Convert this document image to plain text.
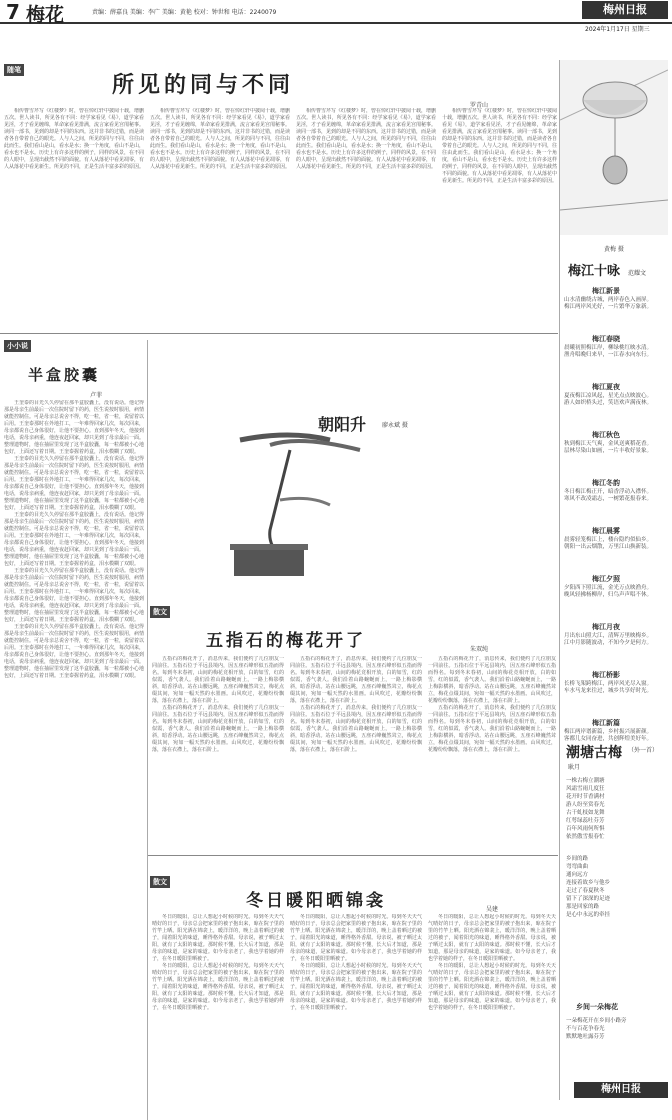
7 梅花	责编：薛嘉良 美编：李广 美编：黄艳 校对：钟世和 电话：2240079	梅州日报
2024年1月17日 星期三
随笔
所见的同与不同
罗青山

相传曹雪芹写《红楼梦》时，曾在悼红轩中披阅十载，增删五次。世人读书，所见各有不同：经学家看见《易》，道学家看见淫，才子看见缠绵，革命家看见排满，流言家看见宫闱秘事。读同一部书，见到的却是不同的东西。这并非书的过错，而是读者各自带着自己的眼光。人与人之间，所见的同与不同，往往由此而生。我们看山是山，看水是水；换一个角度，看山不是山，看水也不是水。历史上有许多这样的例子，同样的风景，在不同的人眼中，呈现出截然不同的面貌。有人从落花中看见凋零，有人从落花中看见新生。所见的不同，正是生活丰富多彩的原因。

相传曹雪芹写《红楼梦》时，曾在悼红轩中披阅十载，增删五次。世人读书，所见各有不同：经学家看见《易》，道学家看见淫，才子看见缠绵，革命家看见排满，流言家看见宫闱秘事。读同一部书，见到的却是不同的东西。这并非书的过错，而是读者各自带着自己的眼光。人与人之间，所见的同与不同，往往由此而生。我们看山是山，看水是水；换一个角度，看山不是山，看水也不是水。历史上有许多这样的例子，同样的风景，在不同的人眼中，呈现出截然不同的面貌。有人从落花中看见凋零，有人从落花中看见新生。所见的不同，正是生活丰富多彩的原因。

相传曹雪芹写《红楼梦》时，曾在悼红轩中披阅十载，增删五次。世人读书，所见各有不同：经学家看见《易》，道学家看见淫，才子看见缠绵，革命家看见排满，流言家看见宫闱秘事。读同一部书，见到的却是不同的东西。这并非书的过错，而是读者各自带着自己的眼光。人与人之间，所见的同与不同，往往由此而生。我们看山是山，看水是水；换一个角度，看山不是山，看水也不是水。历史上有许多这样的例子，同样的风景，在不同的人眼中，呈现出截然不同的面貌。有人从落花中看见凋零，有人从落花中看见新生。所见的不同，正是生活丰富多彩的原因。

相传曹雪芹写《红楼梦》时，曾在悼红轩中披阅十载，增删五次。世人读书，所见各有不同：经学家看见《易》，道学家看见淫，才子看见缠绵，革命家看见排满，流言家看见宫闱秘事。读同一部书，见到的却是不同的东西。这并非书的过错，而是读者各自带着自己的眼光。人与人之间，所见的同与不同，往往由此而生。我们看山是山，看水是水；换一个角度，看山不是山，看水也不是水。历史上有许多这样的例子，同样的风景，在不同的人眼中，呈现出截然不同的面貌。有人从落花中看见凋零，有人从落花中看见新生。所见的不同，正是生活丰富多彩的原因。

黄梅 摄
小小说
半盒胶囊
卢菲

王奎泰的目光久久停留在那半盒胶囊上，没有说话。他记得那是母亲生前最后一次住院时留下的药，医生说按时服用，病情就能控制住。可是母亲总说舍不得，吃一粒，省一粒，说留着以后用。王奎泰那时在外地打工，一年难得回家几次，每次回来，母亲都说自己身体很好，让他不要担心。直到那年冬天，他接到电话，说母亲病重，他连夜赶回家，却只见到了母亲最后一面。整理遗物时，他在抽屉里发现了这半盒胶囊，每一粒都被小心地包好，上面还写着日期。王奎泰握着药盒，泪水模糊了双眼。

王奎泰的目光久久停留在那半盒胶囊上，没有说话。他记得那是母亲生前最后一次住院时留下的药，医生说按时服用，病情就能控制住。可是母亲总说舍不得，吃一粒，省一粒，说留着以后用。王奎泰那时在外地打工，一年难得回家几次，每次回来，母亲都说自己身体很好，让他不要担心。直到那年冬天，他接到电话，说母亲病重，他连夜赶回家，却只见到了母亲最后一面。整理遗物时，他在抽屉里发现了这半盒胶囊，每一粒都被小心地包好，上面还写着日期。王奎泰握着药盒，泪水模糊了双眼。

王奎泰的目光久久停留在那半盒胶囊上，没有说话。他记得那是母亲生前最后一次住院时留下的药，医生说按时服用，病情就能控制住。可是母亲总说舍不得，吃一粒，省一粒，说留着以后用。王奎泰那时在外地打工，一年难得回家几次，每次回来，母亲都说自己身体很好，让他不要担心。直到那年冬天，他接到电话，说母亲病重，他连夜赶回家，却只见到了母亲最后一面。整理遗物时，他在抽屉里发现了这半盒胶囊，每一粒都被小心地包好，上面还写着日期。王奎泰握着药盒，泪水模糊了双眼。

王奎泰的目光久久停留在那半盒胶囊上，没有说话。他记得那是母亲生前最后一次住院时留下的药，医生说按时服用，病情就能控制住。可是母亲总说舍不得，吃一粒，省一粒，说留着以后用。王奎泰那时在外地打工，一年难得回家几次，每次回来，母亲都说自己身体很好，让他不要担心。直到那年冬天，他接到电话，说母亲病重，他连夜赶回家，却只见到了母亲最后一面。整理遗物时，他在抽屉里发现了这半盒胶囊，每一粒都被小心地包好，上面还写着日期。王奎泰握着药盒，泪水模糊了双眼。

王奎泰的目光久久停留在那半盒胶囊上，没有说话。他记得那是母亲生前最后一次住院时留下的药，医生说按时服用，病情就能控制住。可是母亲总说舍不得，吃一粒，省一粒，说留着以后用。王奎泰那时在外地打工，一年难得回家几次，每次回来，母亲都说自己身体很好，让他不要担心。直到那年冬天，他接到电话，说母亲病重，他连夜赶回家，却只见到了母亲最后一面。整理遗物时，他在抽屉里发现了这半盒胶囊，每一粒都被小心地包好，上面还写着日期。王奎泰握着药盒，泪水模糊了双眼。

朝阳升	廖永斌 摄
散文
五指石的梅花开了	朱双纯

五指石的梅花开了，消息传来，我们便约了几位朋友一同前往。五指石位于平远县境内，因五座石峰形似五指而得名。每到冬末春初，山间的梅花竞相开放，白的如雪，红的似霞，香气袭人。我们沿着山路蜿蜒而上，一路上梅影横斜，暗香浮动。站在山腰远眺，五座石峰巍然耸立，梅花点缀其间，宛如一幅天然的水墨画。山风吹过，花瓣纷纷飘落，落在衣襟上，落在石阶上。

五指石的梅花开了，消息传来，我们便约了几位朋友一同前往。五指石位于平远县境内，因五座石峰形似五指而得名。每到冬末春初，山间的梅花竞相开放，白的如雪，红的似霞，香气袭人。我们沿着山路蜿蜒而上，一路上梅影横斜，暗香浮动。站在山腰远眺，五座石峰巍然耸立，梅花点缀其间，宛如一幅天然的水墨画。山风吹过，花瓣纷纷飘落，落在衣襟上，落在石阶上。

五指石的梅花开了，消息传来，我们便约了几位朋友一同前往。五指石位于平远县境内，因五座石峰形似五指而得名。每到冬末春初，山间的梅花竞相开放，白的如雪，红的似霞，香气袭人。我们沿着山路蜿蜒而上，一路上梅影横斜，暗香浮动。站在山腰远眺，五座石峰巍然耸立，梅花点缀其间，宛如一幅天然的水墨画。山风吹过，花瓣纷纷飘落，落在衣襟上，落在石阶上。

五指石的梅花开了，消息传来，我们便约了几位朋友一同前往。五指石位于平远县境内，因五座石峰形似五指而得名。每到冬末春初，山间的梅花竞相开放，白的如雪，红的似霞，香气袭人。我们沿着山路蜿蜒而上，一路上梅影横斜，暗香浮动。站在山腰远眺，五座石峰巍然耸立，梅花点缀其间，宛如一幅天然的水墨画。山风吹过，花瓣纷纷飘落，落在衣襟上，落在石阶上。

五指石的梅花开了，消息传来，我们便约了几位朋友一同前往。五指石位于平远县境内，因五座石峰形似五指而得名。每到冬末春初，山间的梅花竞相开放，白的如雪，红的似霞，香气袭人。我们沿着山路蜿蜒而上，一路上梅影横斜，暗香浮动。站在山腰远眺，五座石峰巍然耸立，梅花点缀其间，宛如一幅天然的水墨画。山风吹过，花瓣纷纷飘落，落在衣襟上，落在石阶上。

五指石的梅花开了，消息传来，我们便约了几位朋友一同前往。五指石位于平远县境内，因五座石峰形似五指而得名。每到冬末春初，山间的梅花竞相开放，白的如雪，红的似霞，香气袭人。我们沿着山路蜿蜒而上，一路上梅影横斜，暗香浮动。站在山腰远眺，五座石峰巍然耸立，梅花点缀其间，宛如一幅天然的水墨画。山风吹过，花瓣纷纷飘落，落在衣襟上，落在石阶上。

散文
冬日暖阳晒锦衾	吴建

冬日的暖阳，总让人想起小时候的时光。每到冬天天气晴好的日子，母亲总会把家里的被子抱出来，晾在院子里的竹竿上晒。阳光洒在锦衾上，暖洋洋的，晚上盖着晒过的被子，闻着阳光的味道，睡得格外香甜。母亲说，被子晒过太阳，就有了太阳的味道。那时候不懂，长大后才知道，那是母亲的味道，是家的味道。如今母亲老了，我也学着她的样子，在冬日暖阳里晒被子。

冬日的暖阳，总让人想起小时候的时光。每到冬天天气晴好的日子，母亲总会把家里的被子抱出来，晾在院子里的竹竿上晒。阳光洒在锦衾上，暖洋洋的，晚上盖着晒过的被子，闻着阳光的味道，睡得格外香甜。母亲说，被子晒过太阳，就有了太阳的味道。那时候不懂，长大后才知道，那是母亲的味道，是家的味道。如今母亲老了，我也学着她的样子，在冬日暖阳里晒被子。

冬日的暖阳，总让人想起小时候的时光。每到冬天天气晴好的日子，母亲总会把家里的被子抱出来，晾在院子里的竹竿上晒。阳光洒在锦衾上，暖洋洋的，晚上盖着晒过的被子，闻着阳光的味道，睡得格外香甜。母亲说，被子晒过太阳，就有了太阳的味道。那时候不懂，长大后才知道，那是母亲的味道，是家的味道。如今母亲老了，我也学着她的样子，在冬日暖阳里晒被子。

冬日的暖阳，总让人想起小时候的时光。每到冬天天气晴好的日子，母亲总会把家里的被子抱出来，晾在院子里的竹竿上晒。阳光洒在锦衾上，暖洋洋的，晚上盖着晒过的被子，闻着阳光的味道，睡得格外香甜。母亲说，被子晒过太阳，就有了太阳的味道。那时候不懂，长大后才知道，那是母亲的味道，是家的味道。如今母亲老了，我也学着她的样子，在冬日暖阳里晒被子。

冬日的暖阳，总让人想起小时候的时光。每到冬天天气晴好的日子，母亲总会把家里的被子抱出来，晾在院子里的竹竿上晒。阳光洒在锦衾上，暖洋洋的，晚上盖着晒过的被子，闻着阳光的味道，睡得格外香甜。母亲说，被子晒过太阳，就有了太阳的味道。那时候不懂，长大后才知道，那是母亲的味道，是家的味道。如今母亲老了，我也学着她的样子，在冬日暖阳里晒被子。

冬日的暖阳，总让人想起小时候的时光。每到冬天天气晴好的日子，母亲总会把家里的被子抱出来，晾在院子里的竹竿上晒。阳光洒在锦衾上，暖洋洋的，晚上盖着晒过的被子，闻着阳光的味道，睡得格外香甜。母亲说，被子晒过太阳，就有了太阳的味道。那时候不懂，长大后才知道，那是母亲的味道，是家的味道。如今母亲老了，我也学着她的样子，在冬日暖阳里晒被子。

梅江十咏 范耀文
梅江新景
山水清幽绕古城，两岸春色入画屏。
梅江两岸风光好，一片繁华万象新。
梅江春晓
晨曦初照梅江岸，柳绿桃红映水清。
渔舟唱晚归来早，一江春水向东行。
梅江夏夜
夏夜梅江凉风起，星光点点映波心。
游人如织桥头过，笑语欢声满夜林。
梅江秋色
秋到梅江天气爽，金风送爽稻花香。
层林尽染山如画，一片丰收好景象。
梅江冬韵
冬日梅江梅正开，暗香浮动入襟怀。
寒风不改凌霜志，一树繁花报春来。
梅江晨雾
晨雾轻笼梅江上，楼台隐约似仙乡。
朝阳一出云烟散，万里江山换新装。
梅江夕照
夕阳西下照江流，金光万点映渔舟。
晚风轻拂杨柳岸，归鸟声声唱不休。
梅江月夜
月出东山照大江，清辉万里映梅乡。
江中月影随波动，不知今夕是何方。
梅江桥影
长桥飞架跨梅江，两岸风光尽入窗。
车水马龙来往过，城乡共享好时光。
梅江新篇
梅江两岸谱新篇，乡村振兴展新颜。
客都儿女同奋进，共创辉煌美好年。
潮塘古梅 （外一首）
耿月
一株古梅立潮塘
风霜雪雨几度狂
花开时节香满村
游人纷至赏春光
古干虬枝如龙舞
红萼绿蕊吐芬芳
百年风雨何所惧
依然傲雪报春忙
乡间的路
弯弯曲曲
通向远方
连接着故乡与他乡
走过了春夏秋冬
留下了深深的足迹
那是回家的路
是心中永远的牵挂
乡间一朵梅花
一朵梅花开在乡间小路旁
不与百花争春光
默默地吐露芬芳
梅州日报
